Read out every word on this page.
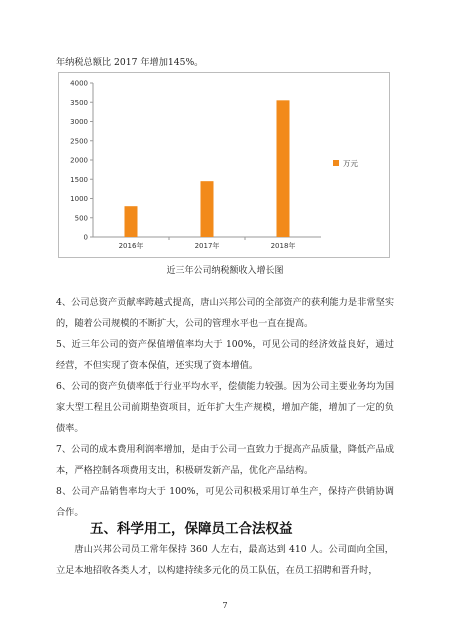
年纳税总额比 2017 年增加145%。
0
500
1000
1500
2000
2500
3000
3500
4000
2016年	2017年	2018年
万元
近三年公司纳税额收入增长图

4、公司总资产贡献率跨越式提高，唐山兴邦公司的全部资产的获利能力是非常坚实的，随着公司规模的不断扩大，公司的管理水平也一直在提高。

5、近三年公司的资产保值增值率均大于 100%，可见公司的经济效益良好，通过经营，不但实现了资本保值，还实现了资本增值。

6、公司的资产负债率低于行业平均水平，偿债能力较强。因为公司主要业务均为国家大型工程且公司前期垫资项目，近年扩大生产规模，增加产能，增加了一定的负债率。

7、公司的成本费用利润率增加，是由于公司一直致力于提高产品质量，降低产品成本，严格控制各项费用支出，积极研发新产品，优化产品结构。

8、公司产品销售率均大于 100%，可见公司积极采用订单生产，保持产供销协调合作。

五、科学用工，保障员工合法权益
唐山兴邦公司员工常年保持 360 人左右，最高达到 410 人。公司面向全国，立足本地招收各类人才，以构建持续多元化的员工队伍，在员工招聘和晋升时，
7
